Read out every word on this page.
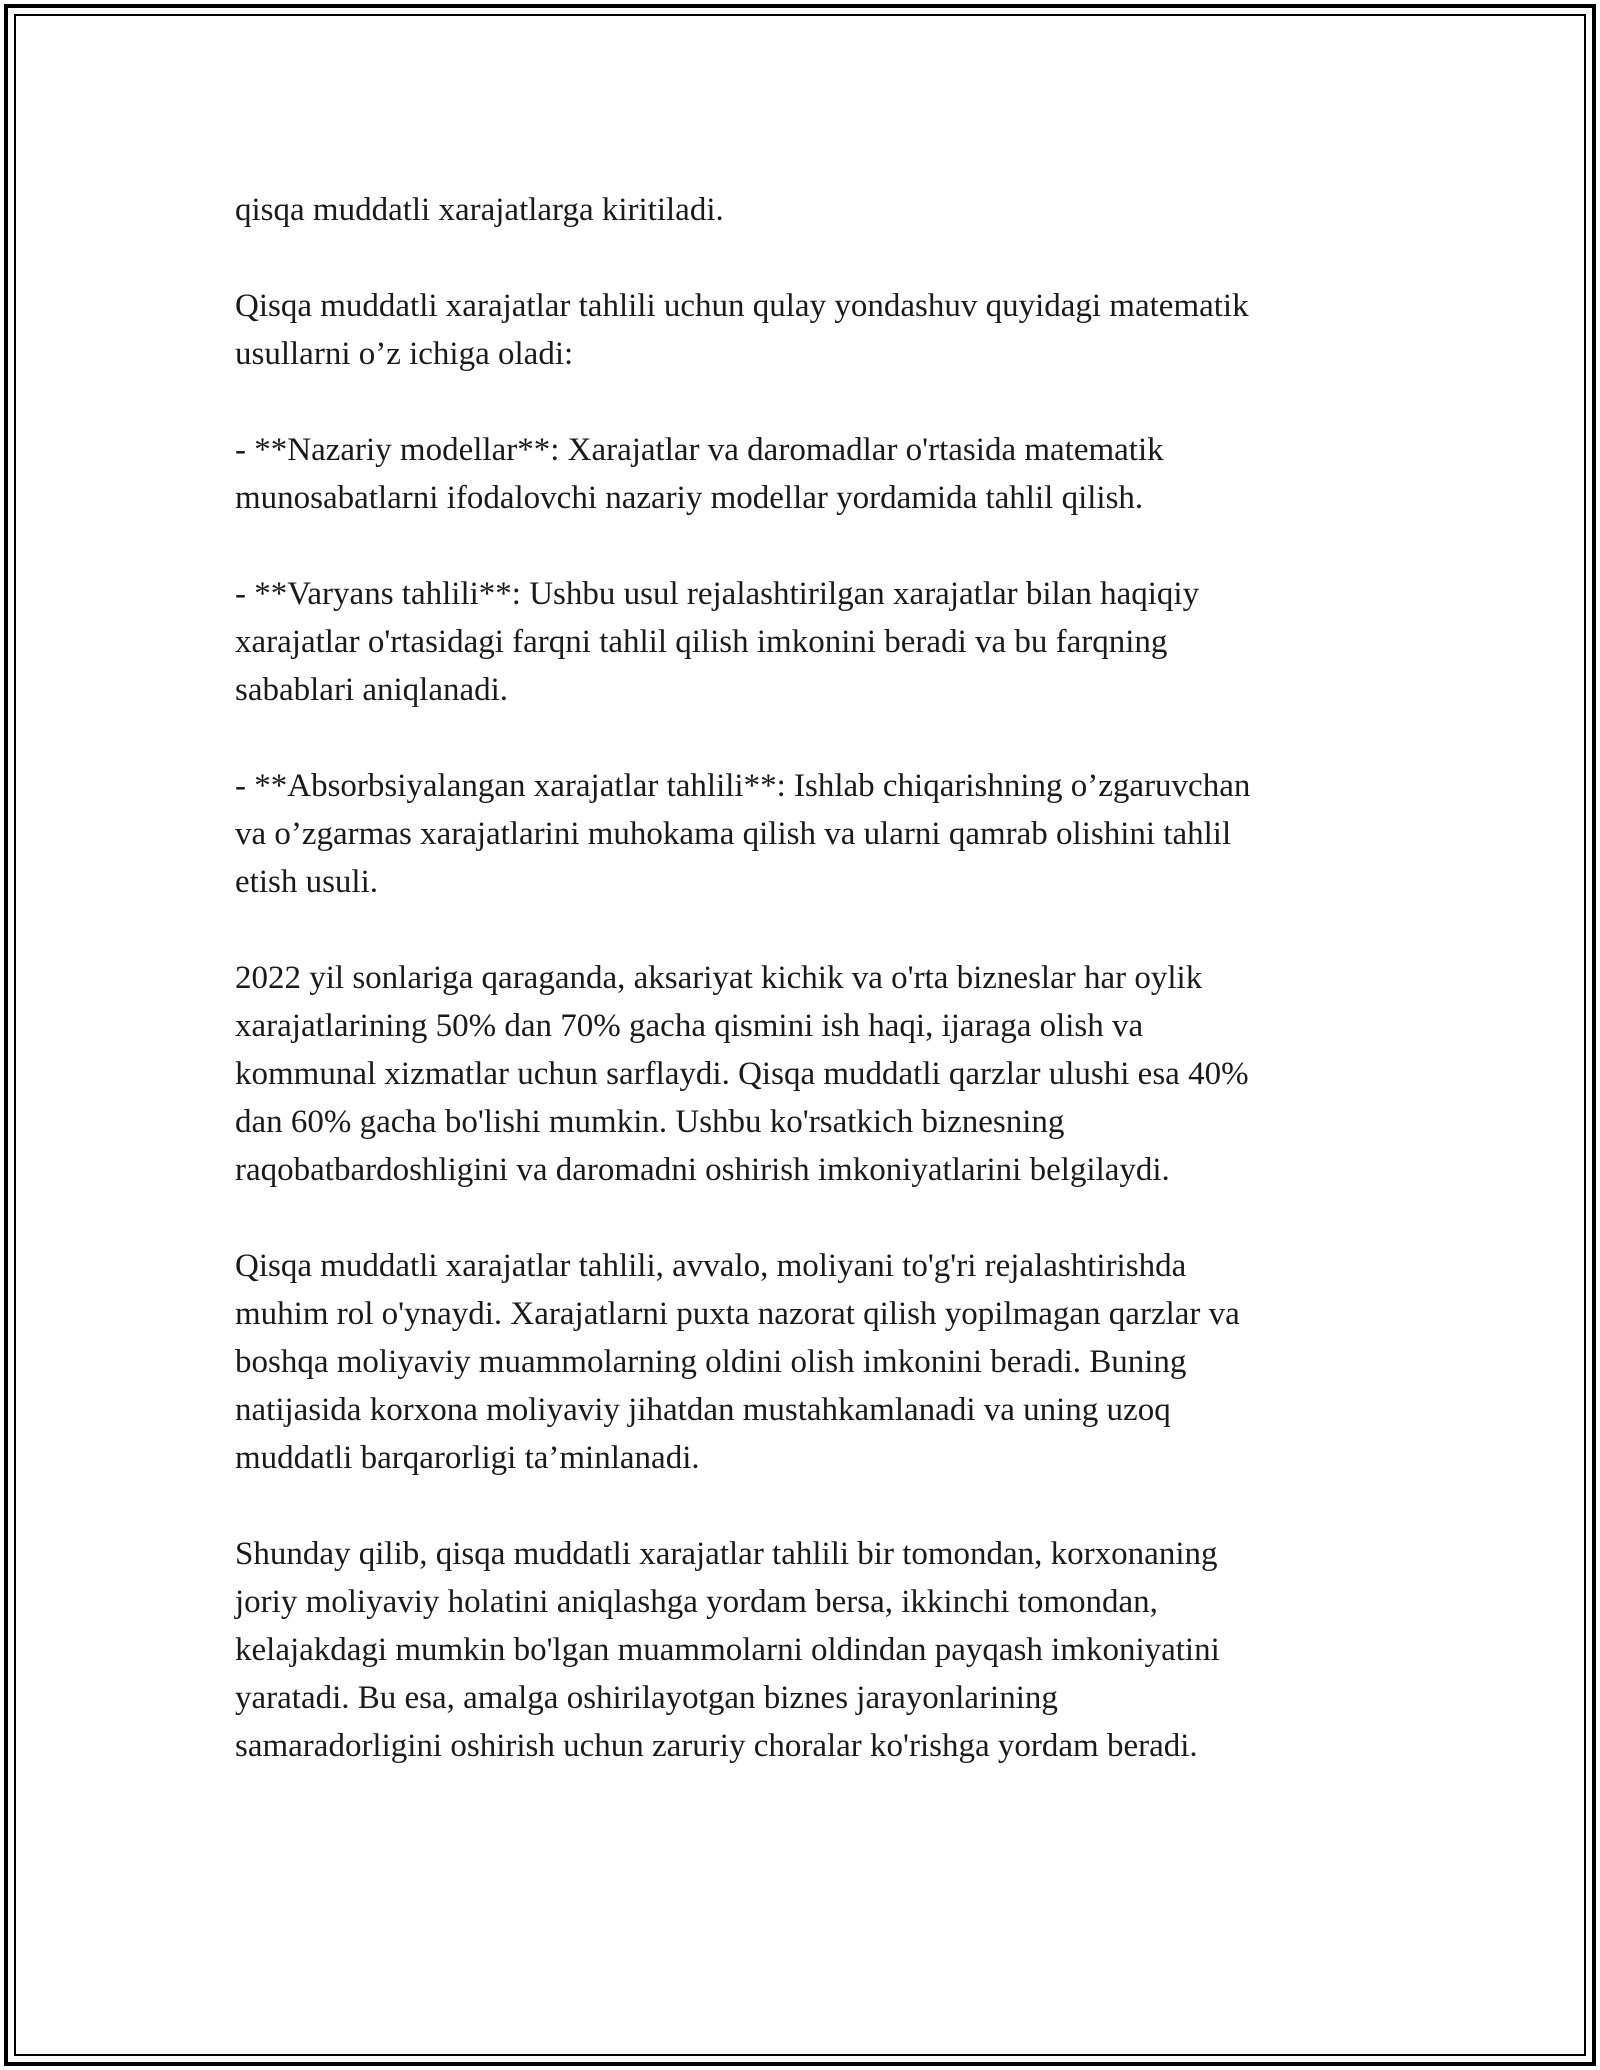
qisqa muddatli xarajatlarga kiritiladi.

Qisqa muddatli xarajatlar tahlili uchun qulay yondashuv quyidagi matematik
usullarni o’z ichiga oladi:

- **Nazariy modellar**: Xarajatlar va daromadlar o'rtasida matematik
munosabatlarni ifodalovchi nazariy modellar yordamida tahlil qilish.

- **Varyans tahlili**: Ushbu usul rejalashtirilgan xarajatlar bilan haqiqiy
xarajatlar o'rtasidagi farqni tahlil qilish imkonini beradi va bu farqning
sabablari aniqlanadi.

- **Absorbsiyalangan xarajatlar tahlili**: Ishlab chiqarishning o’zgaruvchan
va o’zgarmas xarajatlarini muhokama qilish va ularni qamrab olishini tahlil
etish usuli.

2022 yil sonlariga qaraganda, aksariyat kichik va o'rta bizneslar har oylik
xarajatlarining 50% dan 70% gacha qismini ish haqi, ijaraga olish va
kommunal xizmatlar uchun sarflaydi. Qisqa muddatli qarzlar ulushi esa 40%
dan 60% gacha bo'lishi mumkin. Ushbu ko'rsatkich biznesning
raqobatbardoshligini va daromadni oshirish imkoniyatlarini belgilaydi.

Qisqa muddatli xarajatlar tahlili, avvalo, moliyani to'g'ri rejalashtirishda
muhim rol o'ynaydi. Xarajatlarni puxta nazorat qilish yopilmagan qarzlar va
boshqa moliyaviy muammolarning oldini olish imkonini beradi. Buning
natijasida korxona moliyaviy jihatdan mustahkamlanadi va uning uzoq
muddatli barqarorligi ta’minlanadi.

Shunday qilib, qisqa muddatli xarajatlar tahlili bir tomondan, korxonaning
joriy moliyaviy holatini aniqlashga yordam bersa, ikkinchi tomondan,
kelajakdagi mumkin bo'lgan muammolarni oldindan payqash imkoniyatini
yaratadi. Bu esa, amalga oshirilayotgan biznes jarayonlarining
samaradorligini oshirish uchun zaruriy choralar ko'rishga yordam beradi.
